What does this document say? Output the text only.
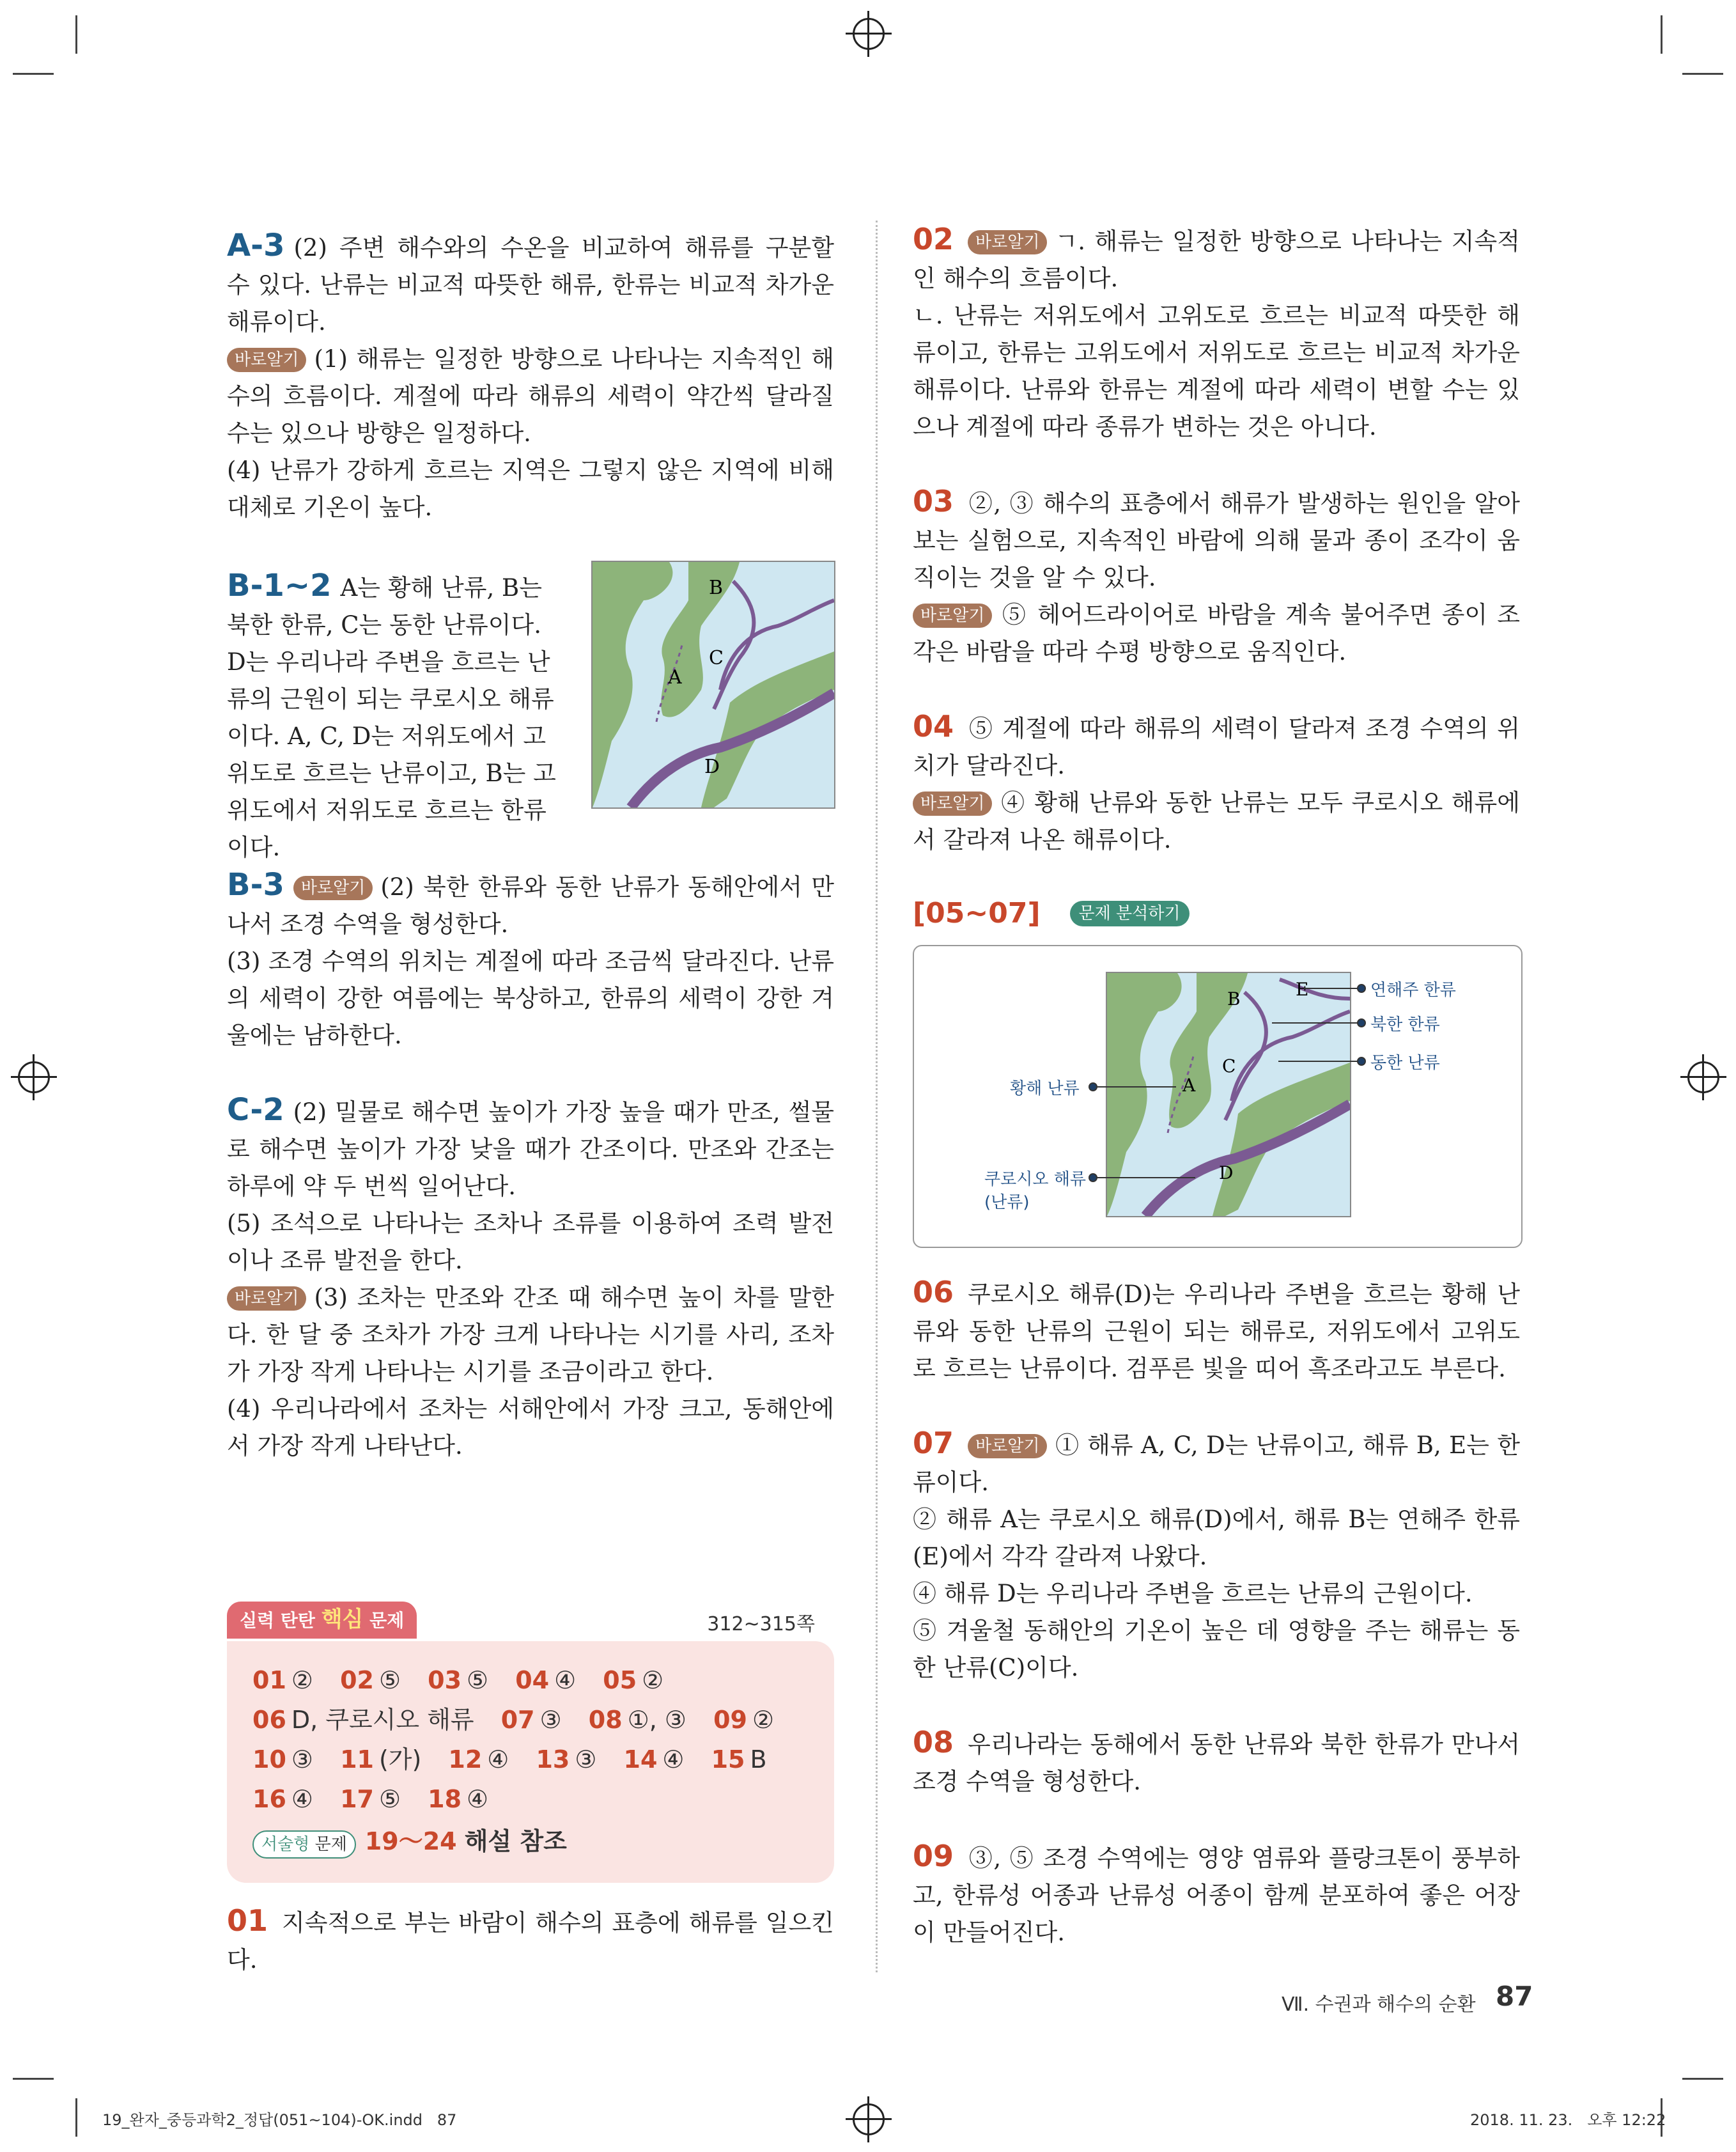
A-3 (2) 주변 해수와의 수온을 비교하여 해류를 구분할 수 있다. 난류는 비교적 따뜻한 해류, 한류는 비교적 차가운 해류이다.

바로알기 (1) 해류는 일정한 방향으로 나타나는 지속적인 해수의 흐름이다. 계절에 따라 해류의 세력이 약간씩 달라질 수는 있으나 방향은 일정하다.

(4) 난류가 강하게 흐르는 지역은 그렇지 않은 지역에 비해 대체로 기온이 높다.

B-1~2 A는 황해 난류, B는 북한 한류, C는 동한 난류이다. D는 우리나라 주변을 흐르는 난류의 근원이 되는 쿠로시오 해류이다. A, C, D는 저위도에서 고위도로 흐르는 난류이고, B는 고위도에서 저위도로 흐르는 한류이다.

B
C
A
D

B-3 바로알기 (2) 북한 한류와 동한 난류가 동해안에서 만나서 조경 수역을 형성한다.

(3) 조경 수역의 위치는 계절에 따라 조금씩 달라진다. 난류의 세력이 강한 여름에는 북상하고, 한류의 세력이 강한 겨울에는 남하한다.

C-2 (2) 밀물로 해수면 높이가 가장 높을 때가 만조, 썰물로 해수면 높이가 가장 낮을 때가 간조이다. 만조와 간조는 하루에 약 두 번씩 일어난다.

(5) 조석으로 나타나는 조차나 조류를 이용하여 조력 발전이나 조류 발전을 한다.

바로알기 (3) 조차는 만조와 간조 때 해수면 높이 차를 말한다. 한 달 중 조차가 가장 크게 나타나는 시기를 사리, 조차가 가장 작게 나타나는 시기를 조금이라고 한다.

(4) 우리나라에서 조차는 서해안에서 가장 크고, 동해안에서 가장 작게 나타난다.

실력 탄탄 핵심 문제	312~315쪽
01 ② 02 ⑤ 03 ⑤ 04 ④ 05 ② 06 D, 쿠로시오 해류 07 ③ 08 ①, ③ 09 ② 10 ③ 11 (가) 12 ④ 13 ③ 14 ④ 15 B 16 ④ 17 ⑤ 18 ④
서술형 문제 19～24 해설 참조

01 지속적으로 부는 바람이 해수의 표층에 해류를 일으킨다.

02 바로알기 ㄱ. 해류는 일정한 방향으로 나타나는 지속적인 해수의 흐름이다.

ㄴ. 난류는 저위도에서 고위도로 흐르는 비교적 따뜻한 해류이고, 한류는 고위도에서 저위도로 흐르는 비교적 차가운 해류이다. 난류와 한류는 계절에 따라 세력이 변할 수는 있으나 계절에 따라 종류가 변하는 것은 아니다.

03 ②, ③ 해수의 표층에서 해류가 발생하는 원인을 알아보는 실험으로, 지속적인 바람에 의해 물과 종이 조각이 움직이는 것을 알 수 있다.

바로알기 ⑤ 헤어드라이어로 바람을 계속 불어주면 종이 조각은 바람을 따라 수평 방향으로 움직인다.

04 ⑤ 계절에 따라 해류의 세력이 달라져 조경 수역의 위치가 달라진다.

바로알기 ④ 황해 난류와 동한 난류는 모두 쿠로시오 해류에서 갈라져 나온 해류이다.

[05~07] 문제 분석하기
B	E
C
A
D
연해주 한류
북한 한류
동한 난류
황해 난류
쿠로시오 해류
(난류)

06 쿠로시오 해류(D)는 우리나라 주변을 흐르는 황해 난류와 동한 난류의 근원이 되는 해류로, 저위도에서 고위도로 흐르는 난류이다. 검푸른 빛을 띠어 흑조라고도 부른다.

07 바로알기 ① 해류 A, C, D는 난류이고, 해류 B, E는 한류이다.

② 해류 A는 쿠로시오 해류(D)에서, 해류 B는 연해주 한류(E)에서 각각 갈라져 나왔다.

④ 해류 D는 우리나라 주변을 흐르는 난류의 근원이다.

⑤ 겨울철 동해안의 기온이 높은 데 영향을 주는 해류는 동한 난류(C)이다.

08 우리나라는 동해에서 동한 난류와 북한 한류가 만나서 조경 수역을 형성한다.

09 ③, ⑤ 조경 수역에는 영양 염류와 플랑크톤이 풍부하고, 한류성 어종과 난류성 어종이 함께 분포하여 좋은 어장이 만들어진다.

Ⅶ. 수권과 해수의 순환 87
19_완자_중등과학2_정답(051~104)-OK.indd   87	2018. 11. 23.   오후 12:22
